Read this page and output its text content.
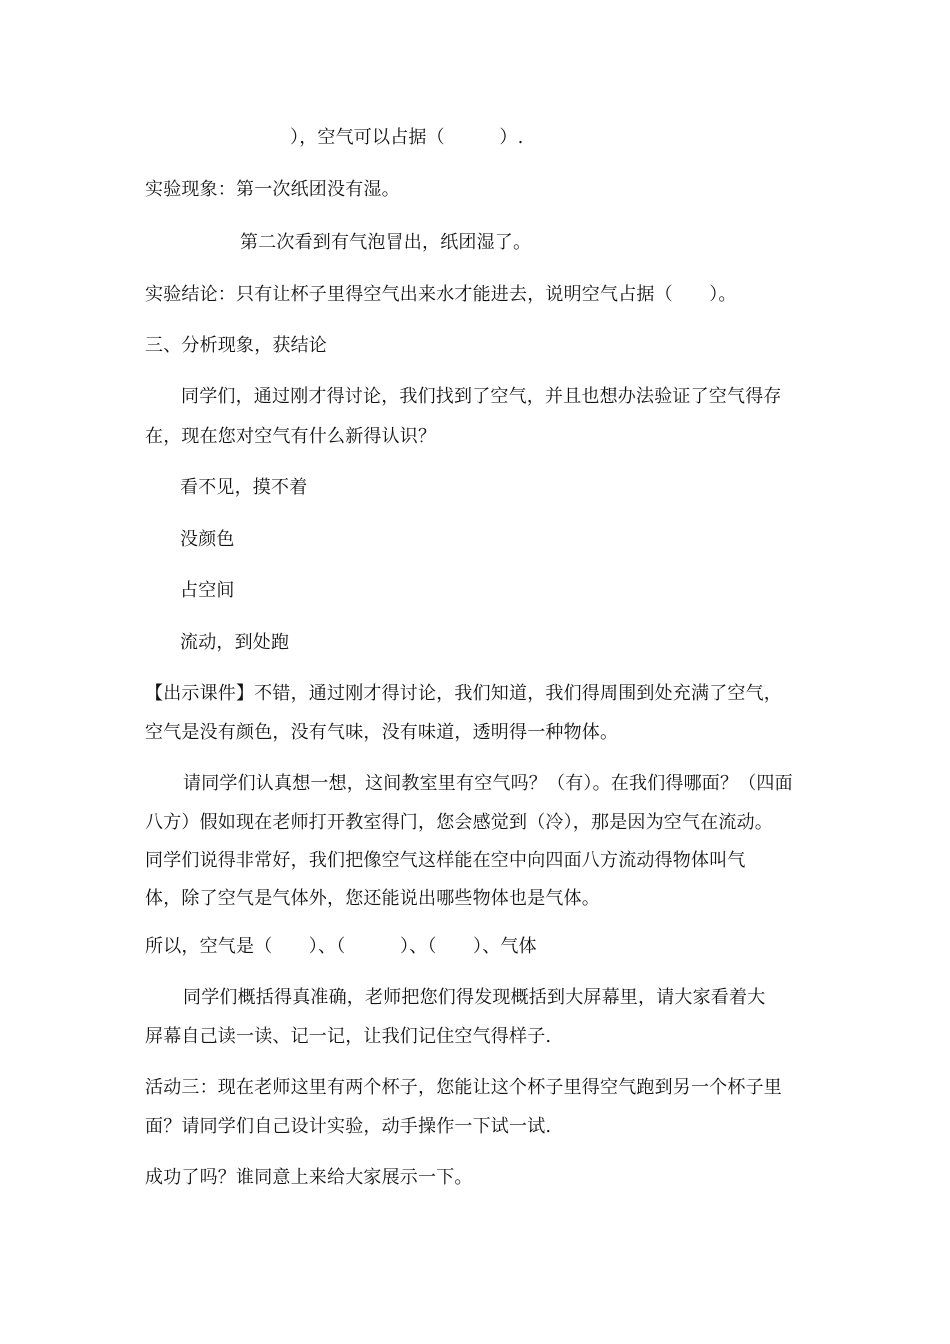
），空气可以占据（　　　）.
实验现象：第一次纸团没有湿。
第二次看到有气泡冒出，纸团湿了。
实验结论：只有让杯子里得空气出来水才能进去，说明空气占据（　　）。
三、分析现象，获结论
同学们，通过刚才得讨论，我们找到了空气，并且也想办法验证了空气得存
在，现在您对空气有什么新得认识？
看不见，摸不着
没颜色
占空间
流动，到处跑
【出示课件】不错，通过刚才得讨论，我们知道，我们得周围到处充满了空气，
空气是没有颜色，没有气味，没有味道，透明得一种物体。
请同学们认真想一想，这间教室里有空气吗？（有）。在我们得哪面？（四面
八方）假如现在老师打开教室得门，您会感觉到（冷），那是因为空气在流动。
同学们说得非常好，我们把像空气这样能在空中向四面八方流动得物体叫气
体，除了空气是气体外，您还能说出哪些物体也是气体。
所以，空气是（　　）、（　　　）、（　　）、气体
同学们概括得真准确，老师把您们得发现概括到大屏幕里，请大家看着大
屏幕自己读一读、记一记，让我们记住空气得样子.
活动三：现在老师这里有两个杯子，您能让这个杯子里得空气跑到另一个杯子里
面？请同学们自己设计实验，动手操作一下试一试.
成功了吗？谁同意上来给大家展示一下。
